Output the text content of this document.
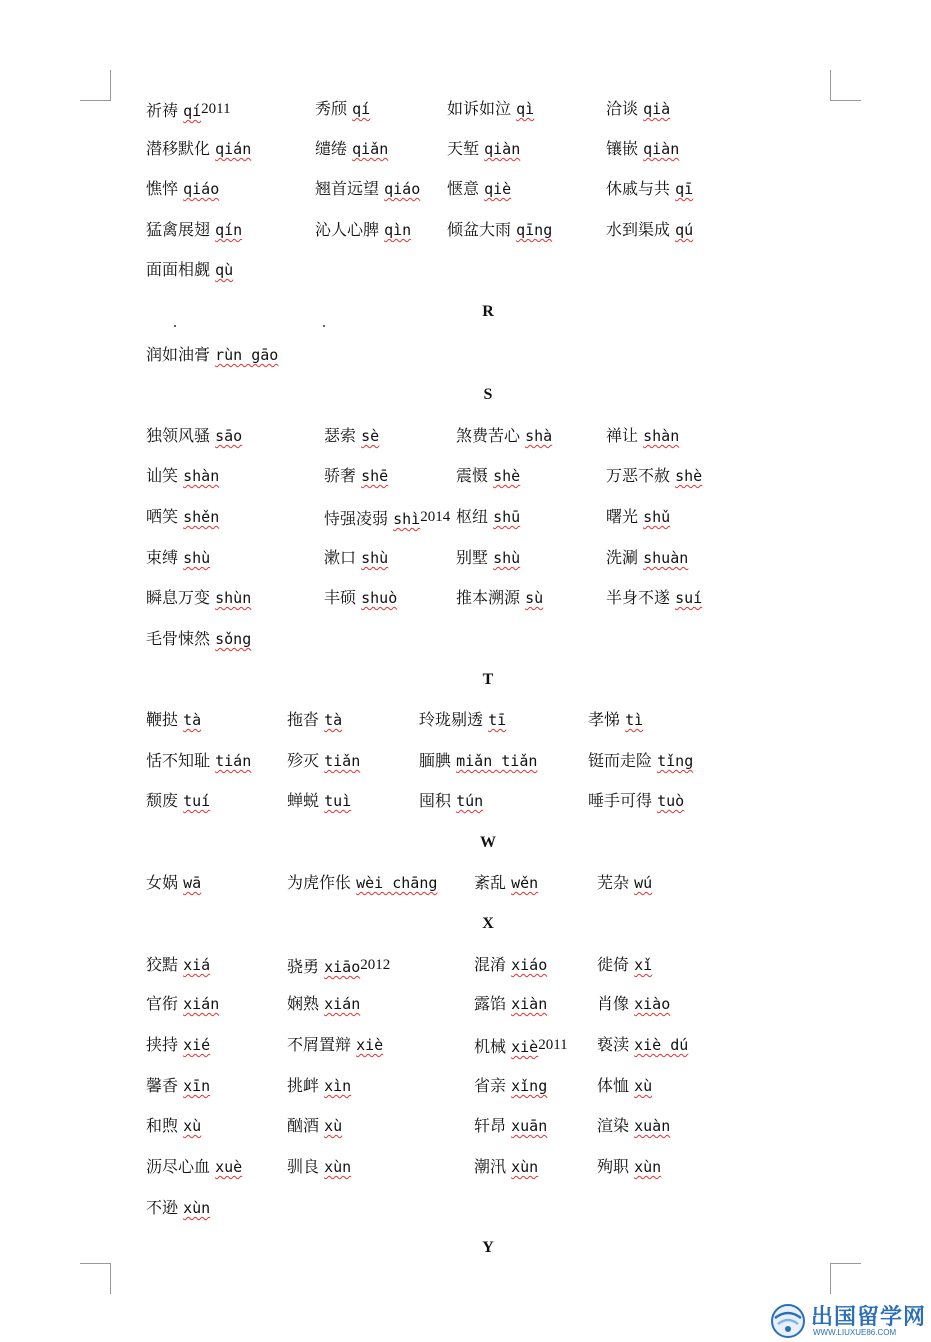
祈祷 qí2011	秀颀 qí	如诉如泣 qì	洽谈 qià
潜移默化 qián	缱绻 qiǎn	天堑 qiàn	镶嵌 qiàn
憔悴 qiáo	翘首远望 qiáo 惬意 qiè	休戚与共 qī
猛禽展翅 qín	沁人心脾 qìn 倾盆大雨 qīng	水到渠成 qú
面面相觑 qù
R
润如油膏 rùn gāo
S
独领风骚 sāo	瑟索 sè	煞费苦心 shà	禅让 shàn
讪笑 shàn	骄奢 shē	震慑 shè	万恶不赦 shè
哂笑 shěn	恃强凌弱 shì2014 枢纽 shū	曙光 shǔ
束缚 shù	漱口 shù	别墅 shù	洗涮 shuàn
瞬息万变 shùn	丰硕 shuò	推本溯源 sù	半身不遂 suí
毛骨悚然 sǒng
T
鞭挞 tà	拖沓 tà	玲珑剔透 tī	孝悌 tì
恬不知耻 tián 殄灭 tiǎn	腼腆 miǎn tiǎn	铤而走险 tǐng
颓废 tuí	蝉蜕 tuì	囤积 tún	唾手可得 tuò
W
女娲 wā	为虎作伥 wèi chāng 紊乱 wěn	芜杂 wú
X
狡黠 xiá	骁勇 xiāo2012	混淆 xiáo	徙倚 xǐ
官衔 xián	娴熟 xián	露馅 xiàn	肖像 xiào
挟持 xié	不屑置辩 xiè	机械 xiè2011 亵渎 xiè dú
馨香 xīn	挑衅 xìn	省亲 xǐng	体恤 xù
和煦 xù	酗酒 xù	轩昂 xuān	渲染 xuàn
沥尽心血 xuè	驯良 xùn	潮汛 xùn	殉职 xùn
不逊 xùn
Y
出国留学网
WWW.LIUXUE86.COM
